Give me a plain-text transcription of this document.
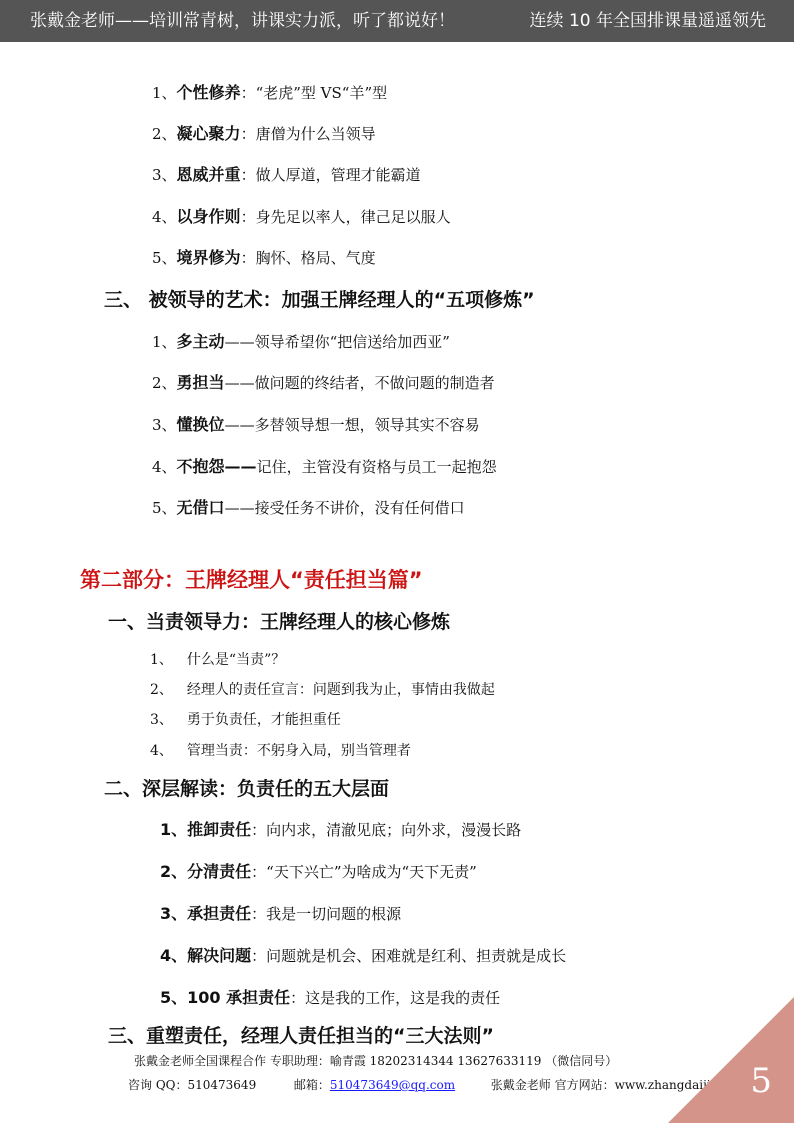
张戴金老师——培训常青树，讲课实力派，听了都说好！	连续 10 年全国排课量遥遥领先
1、个性修养：“老虎”型 VS“羊”型
2、凝心聚力：唐僧为什么当领导
3、恩威并重：做人厚道，管理才能霸道
4、以身作则：身先足以率人，律己足以服人
5、境界修为：胸怀、格局、气度
三、 被领导的艺术：加强王牌经理人的“五项修炼”
1、多主动——领导希望你“把信送给加西亚”
2、勇担当——做问题的终结者，不做问题的制造者
3、懂换位——多替领导想一想，领导其实不容易
4、不抱怨——记住，主管没有资格与员工一起抱怨
5、无借口——接受任务不讲价，没有任何借口
第二部分：王牌经理人“责任担当篇”
一、当责领导力：王牌经理人的核心修炼
1、 什么是“当责”？
2、 经理人的责任宣言：问题到我为止，事情由我做起
3、 勇于负责任，才能担重任
4、 管理当责：不躬身入局，别当管理者
二、深层解读：负责任的五大层面
1、推卸责任：向内求，清澈见底；向外求，漫漫长路
2、分清责任：“天下兴亡”为啥成为“天下无责”
3、承担责任：我是一切问题的根源
4、解决问题：问题就是机会、困难就是红利、担责就是成长
5、100 承担责任：这是我的工作，这是我的责任
三、重塑责任，经理人责任担当的“三大法则”
张戴金老师全国课程合作 专职助理：喻青霞 18202314344 13627633119 （微信同号）
咨询 QQ：510473649	邮箱：510473649@qq.com	张戴金老师 官方网站：www.zhangdaijin.com 5
